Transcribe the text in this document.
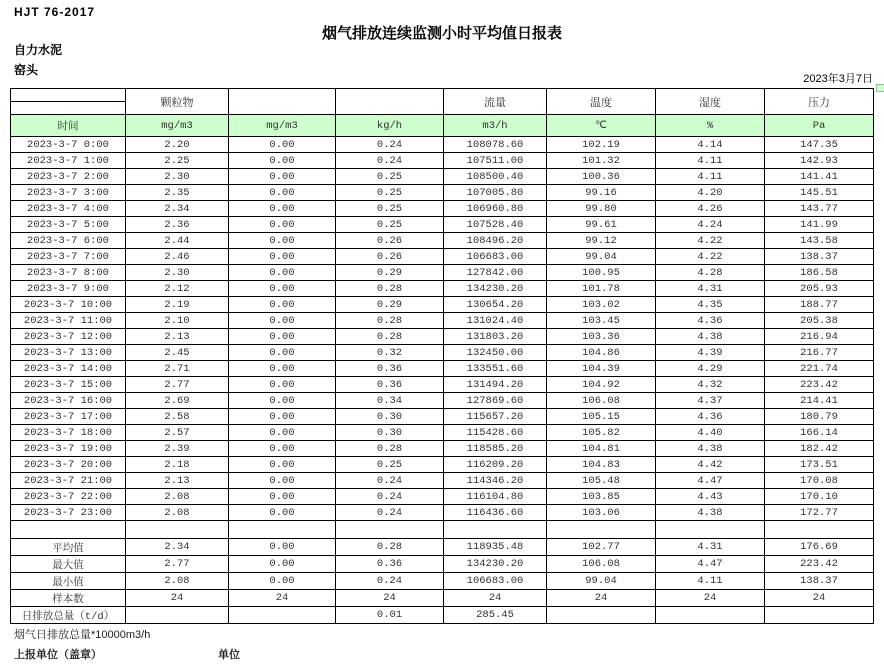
HJT 76-2017
烟气排放连续监测小时平均值日报表
自力水泥
窑头
2023年3月7日
	颗粒物			流量	温度	湿度	压力

时间	mg/m3	mg/m3	kg/h	m3/h	℃	%	Pa
2023-3-7 0:00	2.20	0.00	0.24	108078.60	102.19	4.14	147.35
2023-3-7 1:00	2.25	0.00	0.24	107511.00	101.32	4.11	142.93
2023-3-7 2:00	2.30	0.00	0.25	108500.40	100.36	4.11	141.41
2023-3-7 3:00	2.35	0.00	0.25	107005.80	99.16	4.20	145.51
2023-3-7 4:00	2.34	0.00	0.25	106960.80	99.80	4.26	143.77
2023-3-7 5:00	2.36	0.00	0.25	107528.40	99.61	4.24	141.99
2023-3-7 6:00	2.44	0.00	0.26	108496.20	99.12	4.22	143.58
2023-3-7 7:00	2.46	0.00	0.26	106683.00	99.04	4.22	138.37
2023-3-7 8:00	2.30	0.00	0.29	127842.00	100.95	4.28	186.58
2023-3-7 9:00	2.12	0.00	0.28	134230.20	101.78	4.31	205.93
2023-3-7 10:00	2.19	0.00	0.29	130654.20	103.02	4.35	188.77
2023-3-7 11:00	2.10	0.00	0.28	131024.40	103.45	4.36	205.38
2023-3-7 12:00	2.13	0.00	0.28	131803.20	103.36	4.38	216.94
2023-3-7 13:00	2.45	0.00	0.32	132450.00	104.86	4.39	216.77
2023-3-7 14:00	2.71	0.00	0.36	133551.60	104.39	4.29	221.74
2023-3-7 15:00	2.77	0.00	0.36	131494.20	104.92	4.32	223.42
2023-3-7 16:00	2.69	0.00	0.34	127869.60	106.08	4.37	214.41
2023-3-7 17:00	2.58	0.00	0.30	115657.20	105.15	4.36	180.79
2023-3-7 18:00	2.57	0.00	0.30	115428.60	105.82	4.40	166.14
2023-3-7 19:00	2.39	0.00	0.28	118585.20	104.81	4.38	182.42
2023-3-7 20:00	2.18	0.00	0.25	116209.20	104.83	4.42	173.51
2023-3-7 21:00	2.13	0.00	0.24	114346.20	105.48	4.47	170.08
2023-3-7 22:00	2.08	0.00	0.24	116104.80	103.85	4.43	170.10
2023-3-7 23:00	2.08	0.00	0.24	116436.60	103.06	4.38	172.77

平均值	2.34	0.00	0.28	118935.48	102.77	4.31	176.69
最大值	2.77	0.00	0.36	134230.20	106.08	4.47	223.42
最小值	2.08	0.00	0.24	106683.00	99.04	4.11	138.37
样本数	24	24	24	24	24	24	24
日排放总量（t/d）			0.01	285.45			
烟气日排放总量*10000m3/h
上报单位（盖章）	单位
